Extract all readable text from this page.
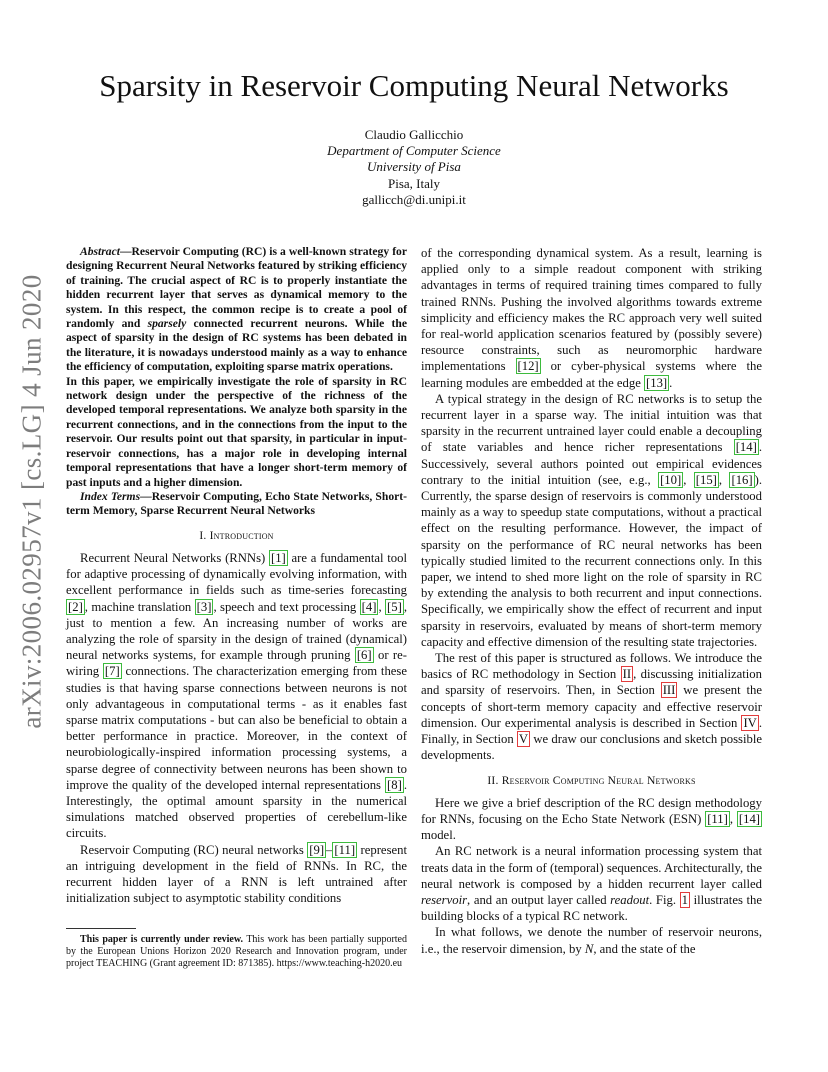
arXiv:2006.02957v1 [cs.LG] 4 Jun 2020
Sparsity in Reservoir Computing Neural Networks
Claudio Gallicchio
Department of Computer Science
University of Pisa
Pisa, Italy
gallicch@di.unipi.it

Abstract—Reservoir Computing (RC) is a well-known strategy for designing Recurrent Neural Networks featured by striking efficiency of training. The crucial aspect of RC is to properly instantiate the hidden recurrent layer that serves as dynamical memory to the system. In this respect, the common recipe is to create a pool of randomly and sparsely connected recurrent neurons. While the aspect of sparsity in the design of RC systems has been debated in the literature, it is nowadays understood mainly as a way to enhance the efficiency of computation, exploiting sparse matrix operations.

In this paper, we empirically investigate the role of sparsity in RC network design under the perspective of the richness of the developed temporal representations. We analyze both sparsity in the recurrent connections, and in the connections from the input to the reservoir. Our results point out that sparsity, in particular in input-reservoir connections, has a major role in developing internal temporal representations that have a longer short-term memory of past inputs and a higher dimension.

Index Terms—Reservoir Computing, Echo State Networks, Short-term Memory, Sparse Recurrent Neural Networks

I. Introduction

Recurrent Neural Networks (RNNs) [1] are a fundamental tool for adaptive processing of dynamically evolving information, with excellent performance in fields such as time-series forecasting [2] , machine translation [3] , speech and text processing [4] , [5] , just to mention a few. An increasing number of works are analyzing the role of sparsity in the design of trained (dynamical) neural networks systems, for example through pruning [6] or re-wiring [7] connections. The characterization emerging from these studies is that having sparse connections between neurons is not only advantageous in computational terms - as it enables fast sparse matrix computations - but can also be beneficial to obtain a better performance in practice. Moreover, in the context of neurobiologically-inspired information processing systems, a sparse degree of connectivity between neurons has been shown to improve the quality of the developed internal representations [8] . Interestingly, the optimal amount sparsity in the numerical simulations matched observed properties of cerebellum-like circuits.

Reservoir Computing (RC) neural networks [9] – [11] represent an intriguing development in the field of RNNs. In RC, the recurrent hidden layer of a RNN is left untrained after initialization subject to asymptotic stability conditions

This paper is currently under review. This work has been partially supported by the European Unions Horizon 2020 Research and Innovation program, under project TEACHING (Grant agreement ID: 871385). https://www.teaching-h2020.eu

of the corresponding dynamical system. As a result, learning is applied only to a simple readout component with striking advantages in terms of required training times compared to fully trained RNNs. Pushing the involved algorithms towards extreme simplicity and efficiency makes the RC approach very well suited for real-world application scenarios featured by (possibly severe) resource constraints, such as neuromorphic hardware implementations [12] or cyber-physical systems where the learning modules are embedded at the edge [13] .

A typical strategy in the design of RC networks is to setup the recurrent layer in a sparse way. The initial intuition was that sparsity in the recurrent untrained layer could enable a decoupling of state variables and hence richer representations [14] . Successively, several authors pointed out empirical evidences contrary to the initial intuition (see, e.g., [10] , [15] , [16] ). Currently, the sparse design of reservoirs is commonly understood mainly as a way to speedup state computations, without a practical effect on the resulting performance. However, the impact of sparsity on the performance of RC neural networks has been typically studied limited to the recurrent connections only. In this paper, we intend to shed more light on the role of sparsity in RC by extending the analysis to both recurrent and input connections. Specifically, we empirically show the effect of recurrent and input sparsity in reservoirs, evaluated by means of short-term memory capacity and effective dimension of the resulting state trajectories.

The rest of this paper is structured as follows. We introduce the basics of RC methodology in Section II , discussing initialization and sparsity of reservoirs. Then, in Section III we present the concepts of short-term memory capacity and effective reservoir dimension. Our experimental analysis is described in Section IV . Finally, in Section V we draw our conclusions and sketch possible developments.

II. Reservoir Computing Neural Networks

Here we give a brief description of the RC design methodology for RNNs, focusing on the Echo State Network (ESN) [11] , [14] model.

An RC network is a neural information processing system that treats data in the form of (temporal) sequences. Architecturally, the neural network is composed by a hidden recurrent layer called reservoir, and an output layer called readout. Fig. 1 illustrates the building blocks of a typical RC network.

In what follows, we denote the number of reservoir neurons, i.e., the reservoir dimension, by N, and the state of the
